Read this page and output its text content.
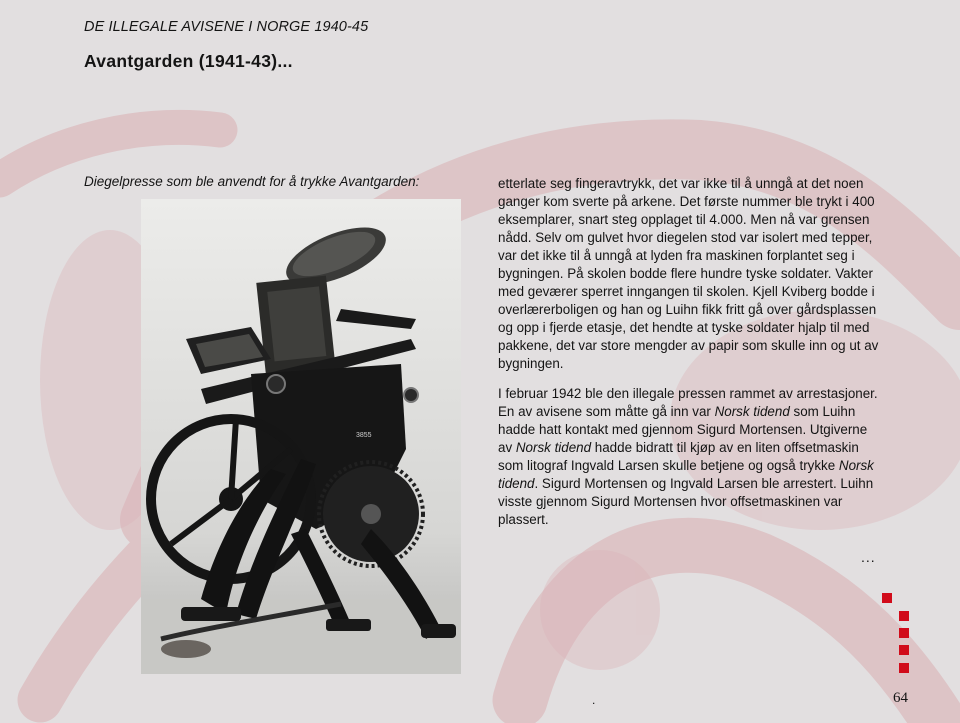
DE ILLEGALE AVISENE I NORGE 1940-45
Avantgarden (1941-43)...
Diegelpresse som ble anvendt for å trykke Avantgarden:
3855

etterlate seg fingeravtrykk, det var ikke til å unngå at det noen ganger kom sverte på arkene. Det første nummer ble trykt i 400 eksemplarer, snart steg opplaget til 4.000. Men nå var grensen nådd. Selv om gulvet hvor diegelen stod var isolert med tepper, var det ikke til å unngå at lyden fra maskinen forplantet seg i bygningen. På skolen bodde flere hundre tyske soldater. Vakter med geværer sperret inngangen til skolen. Kjell Kviberg bodde i overlærerboligen og han og Luihn fikk fritt gå over gårdsplassen og opp i fjerde etasje, det hendte at tyske soldater hjalp til med pakkene, det var store mengder av papir som skulle inn og ut av bygningen.

I februar 1942 ble den illegale pressen rammet av arrestasjoner. En av avisene som måtte gå inn var Norsk tidend som Luihn hadde hatt kontakt med gjennom Sigurd Mortensen. Utgiverne av Norsk tidend hadde bidratt til kjøp av en liten offsetmaskin som litograf Ingvald Larsen skulle betjene og også trykke Norsk tidend. Sigurd Mortensen og Ingvald Larsen ble arrestert. Luihn visste gjennom Sigurd Mortensen hvor offsetmaskinen var plassert.

...
.	64
